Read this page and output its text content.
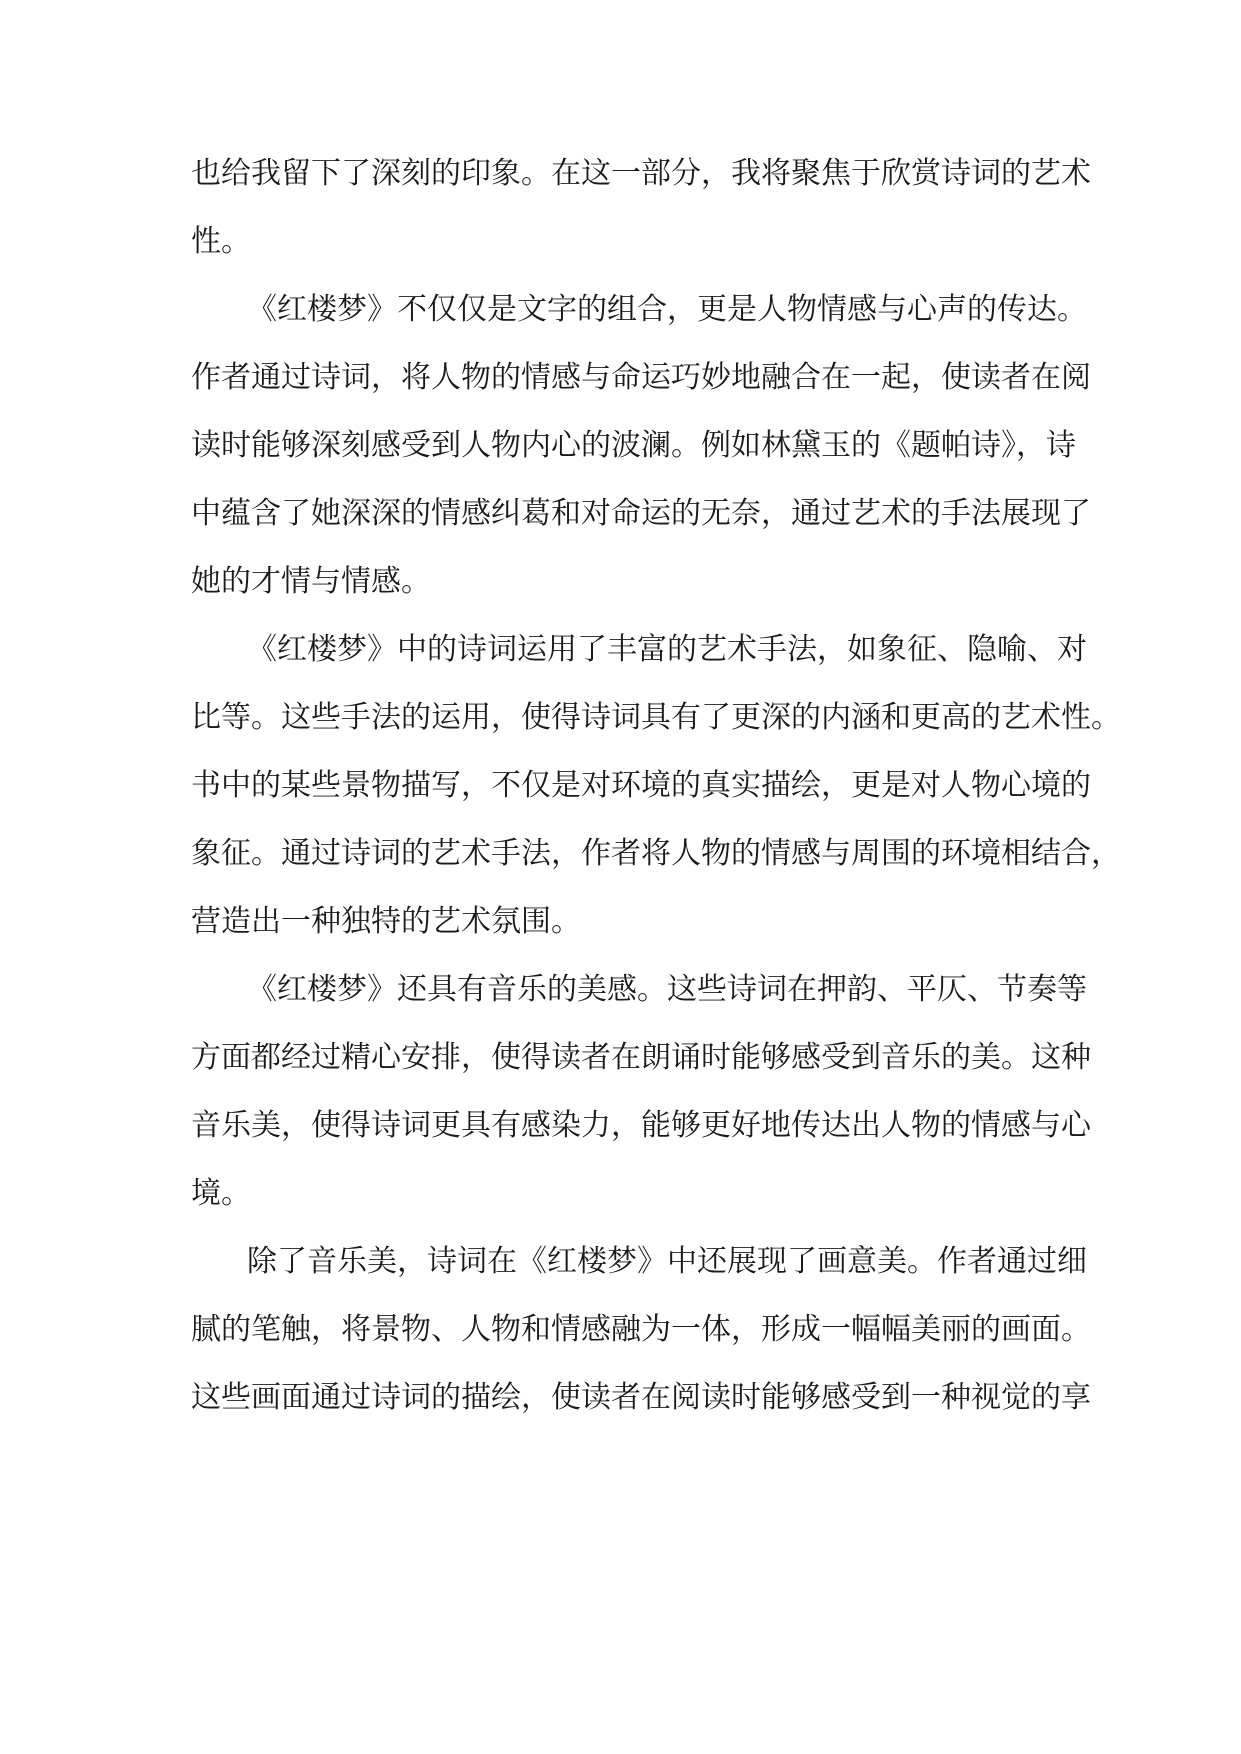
也给我留下了深刻的印象。在这一部分，我将聚焦于欣赏诗词的艺术
性。
《红楼梦》不仅仅是文字的组合，更是人物情感与心声的传达。
作者通过诗词，将人物的情感与命运巧妙地融合在一起，使读者在阅
读时能够深刻感受到人物内心的波澜。例如林黛玉的《题帕诗》，诗
中蕴含了她深深的情感纠葛和对命运的无奈，通过艺术的手法展现了
她的才情与情感。
《红楼梦》中的诗词运用了丰富的艺术手法，如象征、隐喻、对
比等。这些手法的运用，使得诗词具有了更深的内涵和更高的艺术性。
书中的某些景物描写，不仅是对环境的真实描绘，更是对人物心境的
象征。通过诗词的艺术手法，作者将人物的情感与周围的环境相结合，
营造出一种独特的艺术氛围。
《红楼梦》还具有音乐的美感。这些诗词在押韵、平仄、节奏等
方面都经过精心安排，使得读者在朗诵时能够感受到音乐的美。这种
音乐美，使得诗词更具有感染力，能够更好地传达出人物的情感与心
境。
除了音乐美，诗词在《红楼梦》中还展现了画意美。作者通过细
腻的笔触，将景物、人物和情感融为一体，形成一幅幅美丽的画面。
这些画面通过诗词的描绘，使读者在阅读时能够感受到一种视觉的享
